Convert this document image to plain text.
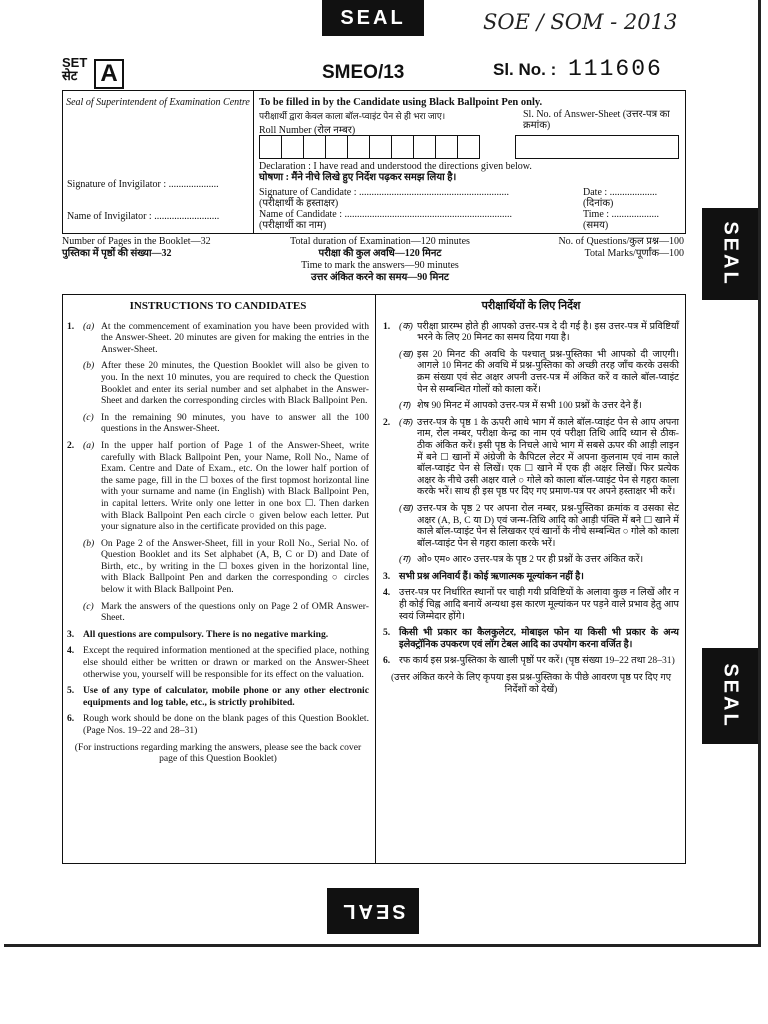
SEAL
SEAL
SEAL
SEAL
SOE / SOM - 2013
SET
सेट A	SMEO/13	Sl. No. : 111606
Seal of Superintendent of Examination Centre
Signature of Invigilator : ....................
Name of Invigilator : ..........................
To be filled in by the Candidate using Black Ballpoint Pen only.
परीक्षार्थी द्वारा केवल काला बॉल-प्वाइंट पेन से ही भरा जाए।
Roll Number (रोल नम्बर)
Sl. No. of Answer-Sheet (उत्तर-पत्र का क्रमांक)
Declaration : I have read and understood the directions given below.
घोषणा : मैंने नीचे लिखे हुए निर्देश पढ़कर समझ लिया है।
Signature of Candidate : ............................................................
(परीक्षार्थी के हस्ताक्षर)
Date : ...................
(दिनांक)
Name of Candidate : ...................................................................
(परीक्षार्थी का नाम)
Time : ...................
(समय)
Number of Pages in the Booklet—32
पुस्तिका में पृष्ठों की संख्या—32
Total duration of Examination—120 minutes
परीक्षा की कुल अवधि—120 मिनट
Time to mark the answers—90 minutes
उत्तर अंकित करने का समय—90 मिनट
No. of Questions/कुल प्रश्न—100
Total Marks/पूर्णांक—100
INSTRUCTIONS TO CANDIDATES
1. (a) At the commencement of examination you have been provided with the Answer-Sheet. 20 minutes are given for making the entries in the Answer-Sheet.
(b) After these 20 minutes, the Question Booklet will also be given to you. In the next 10 minutes, you are required to check the Question Booklet and enter its serial number and set alphabet in the Answer-Sheet and darken the corresponding circles with Black Ballpoint Pen.
(c) In the remaining 90 minutes, you have to answer all the 100 questions in the Answer-Sheet.
2. (a) In the upper half portion of Page 1 of the Answer-Sheet, write carefully with Black Ballpoint Pen, your Name, Roll No., Name of Exam. Centre and Date of Exam., etc. On the lower half portion of the same page, fill in the ☐ boxes of the first topmost horizontal line with your surname and name (in English) with Black Ballpoint Pen, in capital letters. Write only one letter in one box ☐. Then darken with Black Ballpoint Pen each circle ○ given below each letter. Put your signature also in the certificate provided on this page.
(b) On Page 2 of the Answer-Sheet, fill in your Roll No., Serial No. of Question Booklet and its Set alphabet (A, B, C or D) and Date of Birth, etc., by writing in the ☐ boxes given in the horizontal line, with Black Ballpoint Pen and darken the corresponding ○ circles below it with Black Ballpoint Pen.
(c) Mark the answers of the questions only on Page 2 of OMR Answer-Sheet.
3. All questions are compulsory. There is no negative marking.
4. Except the required information mentioned at the specified place, nothing else should either be written or drawn or marked on the Answer-Sheet otherwise you, yourself will be responsible for its effect on the valuation.
5. Use of any type of calculator, mobile phone or any other electronic equipments and log table, etc., is strictly prohibited.
6. Rough work should be done on the blank pages of this Question Booklet. (Page Nos. 19–22 and 28–31)
(For instructions regarding marking the answers, please see the back cover page of this Question Booklet)
परीक्षार्थियों के लिए निर्देश
1. (क) परीक्षा प्रारम्भ होते ही आपको उत्तर-पत्र दे दी गई है। इस उत्तर-पत्र में प्रविष्टियाँ भरने के लिए 20 मिनट का समय दिया गया है।
(ख) इस 20 मिनट की अवधि के पश्चात् प्रश्न-पुस्तिका भी आपको दी जाएगी। आगले 10 मिनट की अवधि में प्रश्न-पुस्तिका को अच्छी तरह जाँच करके उसकी क्रम संख्या एवं सेट अक्षर अपनी उत्तर-पत्र में अंकित करें व काले बॉल-प्वाइंट पेन से सम्बन्धित गोलों को काला करें।
(ग) शेष 90 मिनट में आपको उत्तर-पत्र में सभी 100 प्रश्नों के उत्तर देने हैं।
2. (क) उत्तर-पत्र के पृष्ठ 1 के ऊपरी आधे भाग में काले बॉल-प्वाइंट पेन से आप अपना नाम, रोल नम्बर, परीक्षा केन्द्र का नाम एवं परीक्षा तिथि आदि ध्यान से ठीक-ठीक अंकित करें। इसी पृष्ठ के निचले आधे भाग में सबसे ऊपर की आड़ी लाइन में बने ☐ खानों में अंग्रेजी के कैपिटल लेटर में अपना कुलनाम एवं नाम काले बॉल-प्वाइंट पेन से लिखें। एक ☐ खाने में एक ही अक्षर लिखें। फिर प्रत्येक अक्षर के नीचे उसी अक्षर वाले ○ गोले को काला बॉल-प्वाइंट पेन से गहरा काला करके भरें। साथ ही इस पृष्ठ पर दिए गए प्रमाण-पत्र पर अपने हस्ताक्षर भी करें।
(ख) उत्तर-पत्र के पृष्ठ 2 पर अपना रोल नम्बर, प्रश्न-पुस्तिका क्रमांक व उसका सेट अक्षर (A, B, C या D) एवं जन्म-तिथि आदि को आड़ी पंक्ति में बने ☐ खाने में काले बॉल-प्वाइंट पेन से लिखकर एवं खानों के नीचे सम्बन्धित ○ गोले को काला बॉल-प्वाइंट पेन से गहरा काला करके भरें।
(ग) ओ० एम० आर० उत्तर-पत्र के पृष्ठ 2 पर ही प्रश्नों के उत्तर अंकित करें।
3. सभी प्रश्न अनिवार्य हैं। कोई ऋणात्मक मूल्यांकन नहीं है।
4. उत्तर-पत्र पर निर्धारित स्थानों पर चाही गयी प्रविष्टियों के अलावा कुछ न लिखें और न ही कोई चिह्न आदि बनायें अन्यथा इस कारण मूल्यांकन पर पड़ने वाले प्रभाव हेतु आप स्वयं जिम्मेदार होंगे।
5. किसी भी प्रकार का कैलकुलेटर, मोबाइल फोन या किसी भी प्रकार के अन्य इलेक्ट्रॉनिक उपकरण एवं लॉग टेबल आदि का उपयोग करना वर्जित है।
6. रफ कार्य इस प्रश्न-पुस्तिका के खाली पृष्ठों पर करें। (पृष्ठ संख्या 19–22 तथा 28–31)
(उत्तर अंकित करने के लिए कृपया इस प्रश्न-पुस्तिका के पीछे आवरण पृष्ठ पर दिए गए निर्देशों को देखें)
